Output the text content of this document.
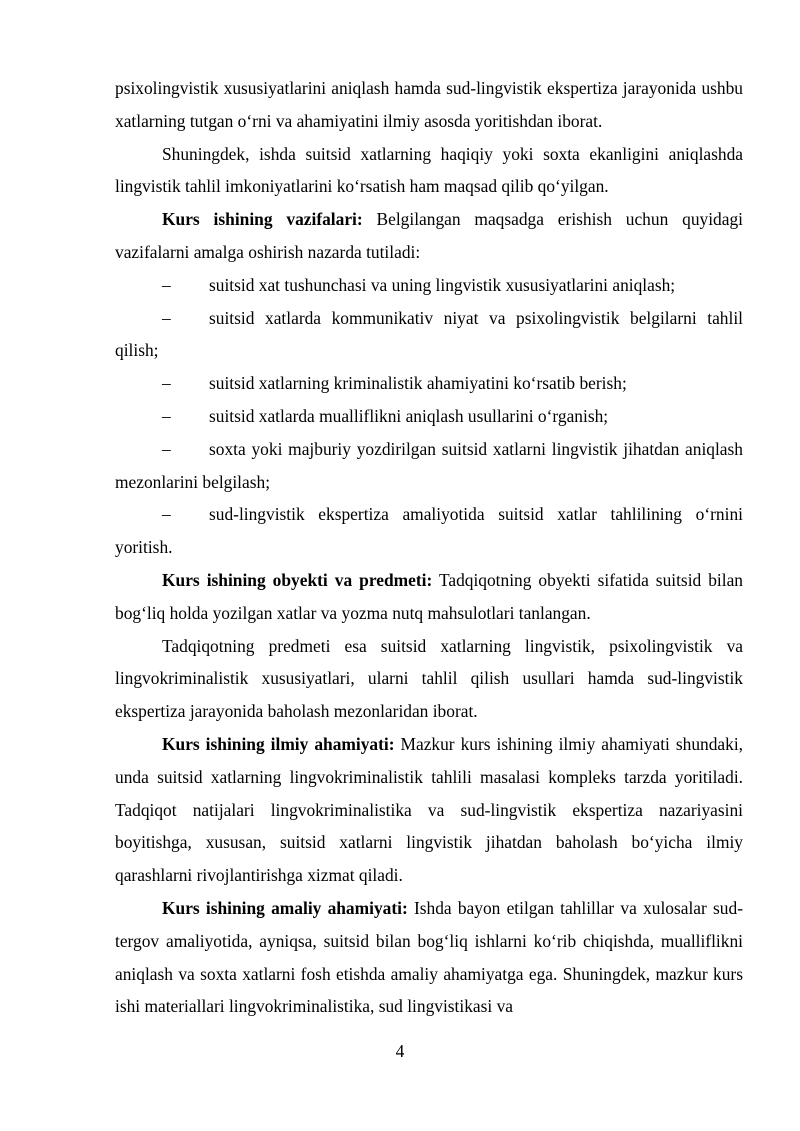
psixolingvistik xususiyatlarini aniqlash hamda sud-lingvistik ekspertiza jarayonida ushbu xatlarning tutgan o‘rni va ahamiyatini ilmiy asosda yoritishdan iborat.

Shuningdek, ishda suitsid xatlarning haqiqiy yoki soxta ekanligini aniqlashda lingvistik tahlil imkoniyatlarini ko‘rsatish ham maqsad qilib qo‘yilgan.

Kurs ishining vazifalari: Belgilangan maqsadga erishish uchun quyidagi vazifalarni amalga oshirish nazarda tutiladi:

– suitsid xat tushunchasi va uning lingvistik xususiyatlarini aniqlash;

– suitsid xatlarda kommunikativ niyat va psixolingvistik belgilarni tahlil qilish;

– suitsid xatlarning kriminalistik ahamiyatini ko‘rsatib berish;

– suitsid xatlarda mualliflikni aniqlash usullarini o‘rganish;

– soxta yoki majburiy yozdirilgan suitsid xatlarni lingvistik jihatdan aniqlash mezonlarini belgilash;

– sud-lingvistik ekspertiza amaliyotida suitsid xatlar tahlilining o‘rnini yoritish.

Kurs ishining obyekti va predmeti: Tadqiqotning obyekti sifatida suitsid bilan bog‘liq holda yozilgan xatlar va yozma nutq mahsulotlari tanlangan.

Tadqiqotning predmeti esa suitsid xatlarning lingvistik, psixolingvistik va lingvokriminalistik xususiyatlari, ularni tahlil qilish usullari hamda sud-lingvistik ekspertiza jarayonida baholash mezonlaridan iborat.

Kurs ishining ilmiy ahamiyati: Mazkur kurs ishining ilmiy ahamiyati shundaki, unda suitsid xatlarning lingvokriminalistik tahlili masalasi kompleks tarzda yoritiladi. Tadqiqot natijalari lingvokriminalistika va sud-lingvistik ekspertiza nazariyasini boyitishga, xususan, suitsid xatlarni lingvistik jihatdan baholash bo‘yicha ilmiy qarashlarni rivojlantirishga xizmat qiladi.

Kurs ishining amaliy ahamiyati: Ishda bayon etilgan tahlillar va xulosalar sud-tergov amaliyotida, ayniqsa, suitsid bilan bog‘liq ishlarni ko‘rib chiqishda, mualliflikni aniqlash va soxta xatlarni fosh etishda amaliy ahamiyatga ega. Shuningdek, mazkur kurs ishi materiallari lingvokriminalistika, sud lingvistikasi va

4
